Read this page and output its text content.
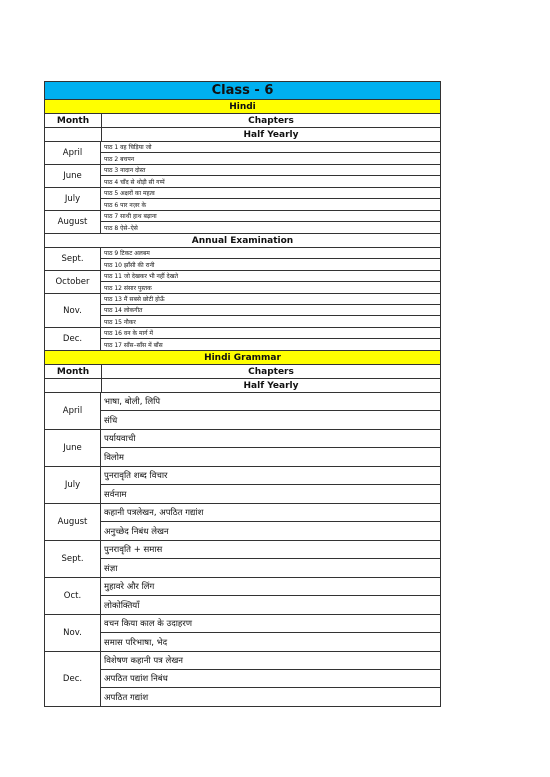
Class - 6
Hindi
Month	Chapters
Half Yearly
April
पाठ 1 वह चिड़िया जो
पाठ 2 बचपन
June
पाठ 3 नादान दोस्त
पाठ 4 चाँद से थोड़ी सी गप्पें
July
पाठ 5 अक्षरों का महत्व
पाठ 6 पार नज़र के
August
पाठ 7 साथी हाथ बढ़ाना
पाठ 8 ऐसे–ऐसे
Annual Examination
Sept.
पाठ 9 टिकट अलबम
पाठ 10 झाँसी की रानी
October
पाठ 11 जो देखकर भी नहीं देखते
पाठ 12 संसार पुस्तक
Nov.
पाठ 13 मैं सबसे छोटी होऊँ
पाठ 14 लोकगीत
पाठ 15 नौकर
Dec.
पाठ 16 वन के मार्ग में
पाठ 17 साँस–साँस में बाँस
Hindi Grammar
Month	Chapters
Half Yearly
April
भाषा, बोली, लिपि
संधि
June
पर्यायवाची
विलोम
July
पुनरावृति शब्द विचार
सर्वनाम
August
कहानी पत्रलेखन, अपठित गद्यांश
अनुच्छेद निबंध लेखन
Sept.
पुनरावृति + समास
संज्ञा
Oct.
मुहावरे और लिंग
लोकोक्तियाँ
Nov.
वचन किया काल के उदाहरण
समास परिभाषा, भेद
Dec.
विशेषण कहानी पत्र लेखन
अपठित पद्यांश निबंध
अपठित गद्यांश
